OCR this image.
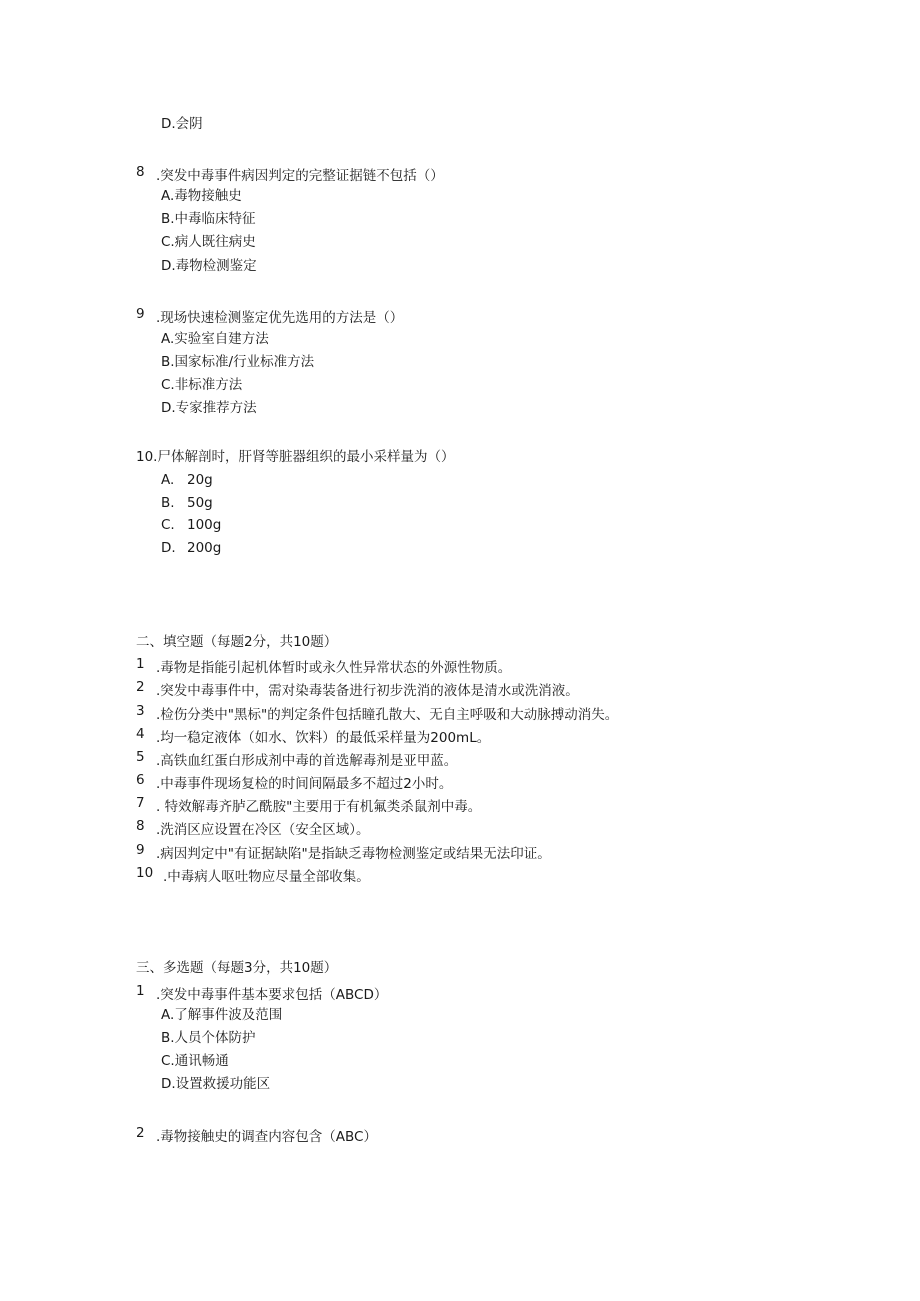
D.会阴
8 .突发中毒事件病因判定的完整证据链不包括（）
A.毒物接触史
B.中毒临床特征
C.病人既往病史
D.毒物检测鉴定
9 .现场快速检测鉴定优先选用的方法是（）
A.实验室自建方法
B.国家标准/行业标准方法
C.非标准方法
D.专家推荐方法
10.尸体解剖时，肝肾等脏器组织的最小采样量为（）
A. 20g
B. 50g
C. 100g
D. 200g
二、填空题（每题2分，共10题）
1 .毒物是指能引起机体暂时或永久性异常状态的外源性物质。
2 .突发中毒事件中，需对染毒装备进行初步洗消的液体是清水或洗消液。
3 .检伤分类中"黑标"的判定条件包括瞳孔散大、无自主呼吸和大动脉搏动消失。
4 .均一稳定液体（如水、饮料）的最低采样量为200mL。
5 .高铁血红蛋白形成剂中毒的首选解毒剂是亚甲蓝。
6 .中毒事件现场复检的时间间隔最多不超过2小时。
7 . 特效解毒齐胪乙酰胺"主要用于有机氟类杀鼠剂中毒。
8 .洗消区应设置在冷区（安全区域）。
9 .病因判定中"有证据缺陷"是指缺乏毒物检测鉴定或结果无法印证。
10 .中毒病人呕吐物应尽量全部收集。
三、多选题（每题3分，共10题）
1 .突发中毒事件基本要求包括（ABCD）
A.了解事件波及范围
B.人员个体防护
C.通讯畅通
D.设置救援功能区
2 .毒物接触史的调查内容包含（ABC）
